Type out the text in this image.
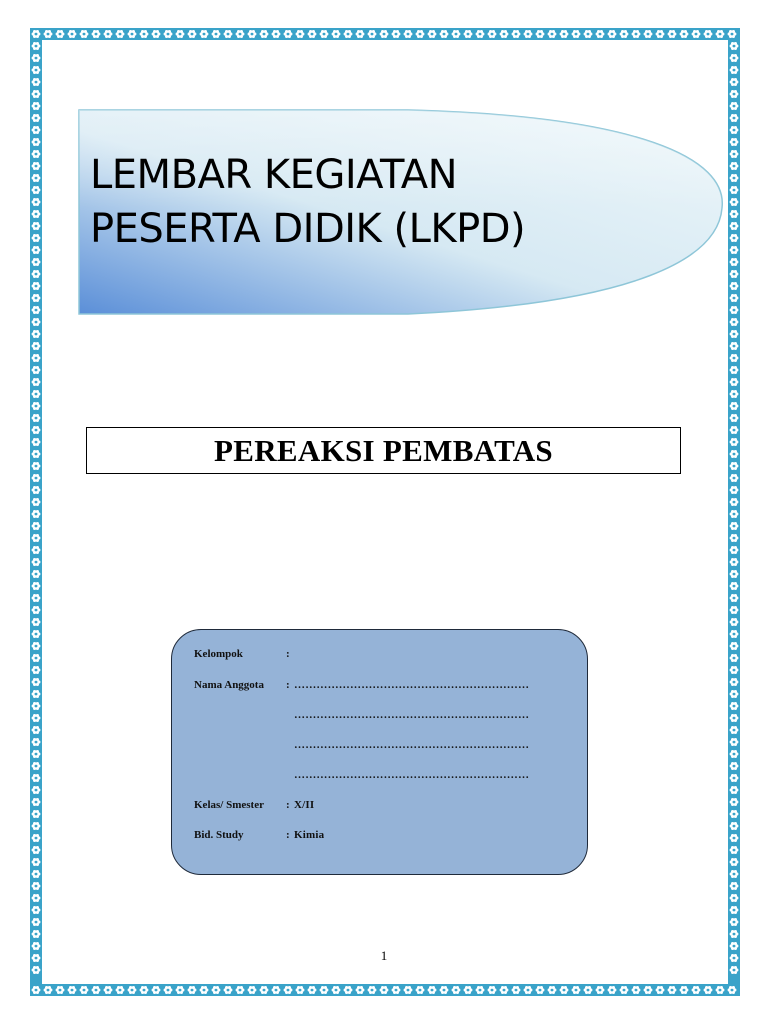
LEMBAR KEGIATAN
PESERTA DIDIK (LKPD)
PEREAKSI PEMBATAS
Kelompok	:
Nama Anggota	: ………………………………………………………
………………………………………………………
………………………………………………………
………………………………………………………
Kelas/ Smester	: X/II
Bid. Study	: Kimia
1
